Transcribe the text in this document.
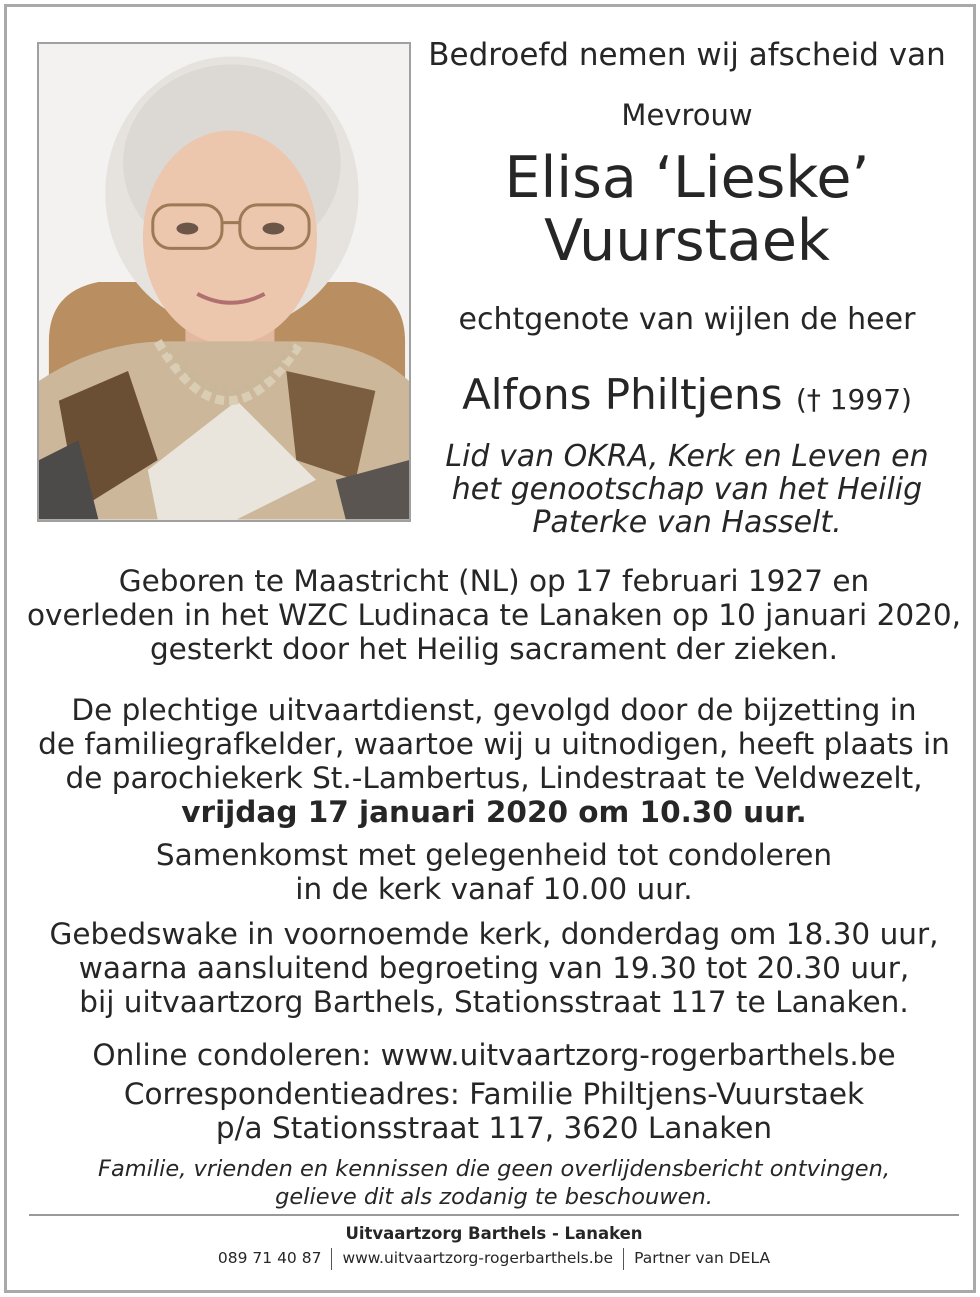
Bedroefd nemen wij afscheid van
Mevrouw
Elisa ‘Lieske’
Vuurstaek
echtgenote van wijlen de heer
Alfons Philtjens († 1997)
Lid van OKRA, Kerk en Leven en
het genootschap van het Heilig
Paterke van Hasselt.
Geboren te Maastricht (NL) op 17 februari 1927 en
overleden in het WZC Ludinaca te Lanaken op 10 januari 2020,
gesterkt door het Heilig sacrament der zieken.
De plechtige uitvaartdienst, gevolgd door de bijzetting in
de familiegrafkelder, waartoe wij u uitnodigen, heeft plaats in
de parochiekerk St.-Lambertus, Lindestraat te Veldwezelt,
vrijdag 17 januari 2020 om 10.30 uur.
Samenkomst met gelegenheid tot condoleren
in de kerk vanaf 10.00 uur.
Gebedswake in voornoemde kerk, donderdag om 18.30 uur,
waarna aansluitend begroeting van 19.30 tot 20.30 uur,
bij uitvaartzorg Barthels, Stationsstraat 117 te Lanaken.
Online condoleren: www.uitvaartzorg-rogerbarthels.be
Correspondentieadres: Familie Philtjens-Vuurstaek
p/a Stationsstraat 117, 3620 Lanaken
Familie, vrienden en kennissen die geen overlijdensbericht ontvingen,
gelieve dit als zodanig te beschouwen.
Uitvaartzorg Barthels - Lanaken
089 71 40 87 www.uitvaartzorg-rogerbarthels.be Partner van DELA
